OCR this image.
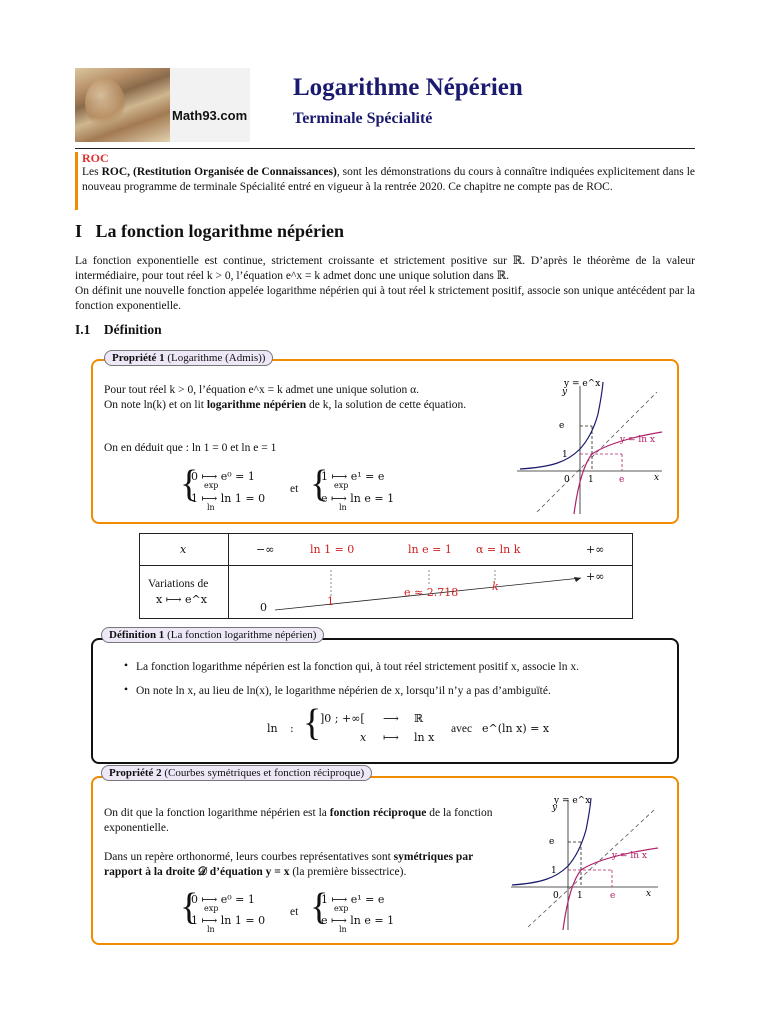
Math93.com
Logarithme Népérien
Terminale Spécialité
ROC
Les ROC, (Restitution Organisée de Connaissances), sont les démonstrations du cours à connaître indiquées explicitement dans le nouveau programme de terminale Spécialité entré en vigueur à la rentrée 2020. Ce chapitre ne compte pas de ROC.
I La fonction logarithme népérien
La fonction exponentielle est continue, strictement croissante et strictement positive sur ℝ. D’après le théorème de la valeur intermédiaire, pour tout réel k > 0, l’équation e^x = k admet donc une unique solution dans ℝ.
On définit une nouvelle fonction appelée logarithme népérien qui à tout réel k strictement positif, associe son unique antécédent par la fonction exponentielle.
I.1 Définition
Propriété 1 (Logarithme (Admis))
Pour tout réel k > 0, l’équation e^x = k admet une unique solution α.
On note ln(k) et on lit logarithme népérien de k, la solution de cette équation.
On en déduit que : ln 1 = 0 et ln e = 1
{
0 ⟼ e⁰ = 1
exp
1 ⟼ ln 1 = 0
ln
et {
1 ⟼ e¹ = e
exp
e ⟼ ln e = 1
ln
y = e^x
y
y = ln x
x
e
1
0 1	e
x
Variations de
x ⟼ e^x
−∞	ln 1 = 0	ln e = 1 α = ln k	+∞
0	1
e ≈ 2.718	k
+∞
Définition 1 (La fonction logarithme népérien)
• La fonction logarithme népérien est la fonction qui, à tout réel strictement positif x, associe ln x.
• On note ln x, au lieu de ln(x), le logarithme népérien de x, lorsqu’il n’y a pas d’ambiguïté.
ln : {
]0 ; +∞[ ⟶ ℝ
x ⟼ ln x
avec e^(ln x) = x
Propriété 2 (Courbes symétriques et fonction réciproque)
On dit que la fonction logarithme népérien est la fonction réciproque de la fonction exponentielle.
Dans un repère orthonormé, leurs courbes représentatives sont symétriques par rapport à la droite 𝒟 d’équation y = x (la première bissectrice).
{
0 ⟼ e⁰ = 1
exp
1 ⟼ ln 1 = 0
ln
et {
1 ⟼ e¹ = e
exp
e ⟼ ln e = 1
ln
y = e^x
y
y = ln x
x
e
1
0 1	e
